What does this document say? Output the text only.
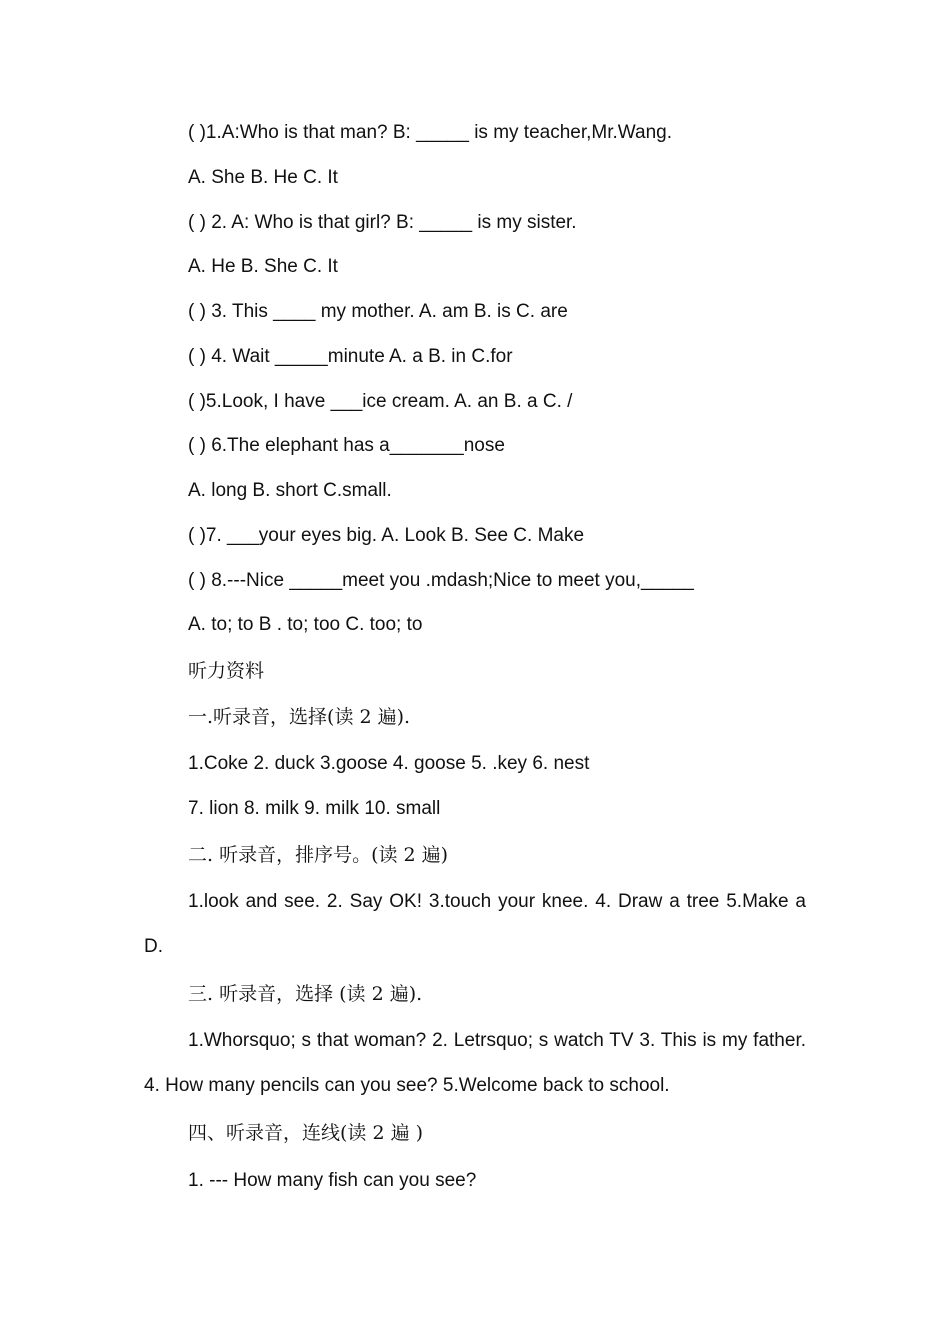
( )1.A:Who is that man? B: _____ is my teacher,Mr.Wang.
A. She B. He C. It
( ) 2. A: Who is that girl? B: _____ is my sister.
A. He B. She C. It
( ) 3. This ____ my mother. A. am B. is C. are
( ) 4. Wait _____minute A. a B. in C.for
( )5.Look, I have ___ice cream. A. an B. a C. /
( ) 6.The elephant has a_______nose
A. long B. short C.small.
( )7. ___your eyes big. A. Look B. See C. Make
( ) 8.---Nice _____meet you .mdash;Nice to meet you,_____
A. to; to B . to; too C. too; to
听力资料
一.听录音，选择(读 2 遍).
1.Coke 2. duck 3.goose 4. goose 5. .key 6. nest
7. lion 8. milk 9. milk 10. small
二. 听录音，排序号。(读 2 遍)
1.look and see. 2. Say OK! 3.touch your knee. 4. Draw a tree 5.Make a D.
三. 听录音，选择 (读 2 遍).
1.Whorsquo; s that woman? 2. Letrsquo; s watch TV 3. This is my father. 4. How many pencils can you see? 5.Welcome back to school.
四、听录音，连线(读 2 遍 )
1. --- How many fish can you see?
